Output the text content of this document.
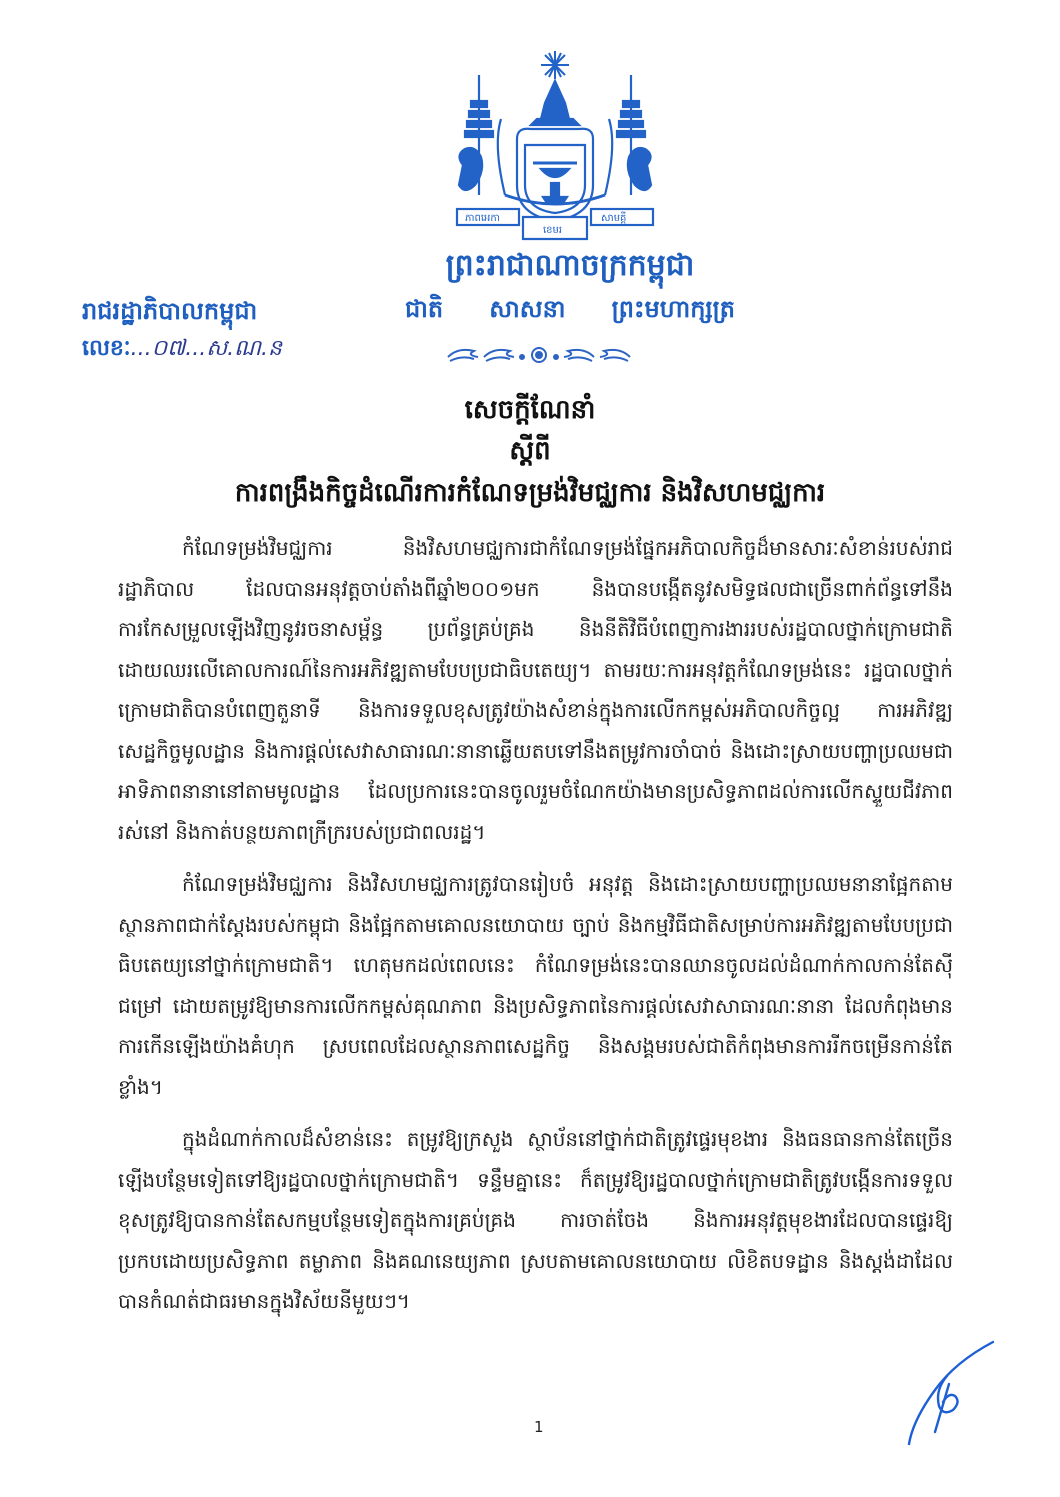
ភាពអេកា
ខេមរ
សាមគ្គី
ព្រះរាជាណាចក្រកម្ពុជា
ជាតិ សាសនា ព្រះមហាក្សត្រ
រាជរដ្ឋាភិបាលកម្ពុជា
លេខៈ...០៧...ស.ណ.ន
សេចក្ដីណែនាំ
ស្ដីពី
ការពង្រឹងកិច្ចដំណើរការកំណែទម្រង់វិមជ្ឈការ និងវិសហមជ្ឈការ

កំណែទម្រង់វិមជ្ឈការ និងវិសហមជ្ឈការជាកំណែទម្រង់ផ្នែកអភិបាលកិច្ចដ៏មានសារៈសំខាន់របស់រាជរដ្ឋាភិបាល ដែលបានអនុវត្តចាប់តាំងពីឆ្នាំ២០០១មក និងបានបង្កើតនូវសមិទ្ធផលជាច្រើនពាក់ព័ន្ធទៅនឹងការកែសម្រួលឡើងវិញនូវរចនាសម្ព័ន្ធ ប្រព័ន្ធគ្រប់គ្រង និងនីតិវិធីបំពេញការងាររបស់រដ្ឋបាលថ្នាក់ក្រោមជាតិ ដោយឈរលើគោលការណ៍នៃការអភិវឌ្ឍតាមបែបប្រជាធិបតេយ្យ។ តាមរយៈការអនុវត្តកំណែទម្រង់នេះ រដ្ឋបាលថ្នាក់ក្រោមជាតិបានបំពេញតួនាទី និងការទទួលខុសត្រូវយ៉ាងសំខាន់ក្នុងការលើកកម្ពស់អភិបាលកិច្ចល្អ ការអភិវឌ្ឍសេដ្ឋកិច្ចមូលដ្ឋាន និងការផ្ដល់សេវាសាធារណៈនានាឆ្លើយតបទៅនឹងតម្រូវការចាំបាច់ និងដោះស្រាយបញ្ហាប្រឈមជាអាទិភាពនានានៅតាមមូលដ្ឋាន ដែលប្រការនេះបានចូលរួមចំណែកយ៉ាងមានប្រសិទ្ធភាពដល់ការលើកស្ទួយជីវភាពរស់នៅ និងកាត់បន្ថយភាពក្រីក្ររបស់ប្រជាពលរដ្ឋ។

កំណែទម្រង់វិមជ្ឈការ និងវិសហមជ្ឈការត្រូវបានរៀបចំ អនុវត្ត និងដោះស្រាយបញ្ហាប្រឈមនានាផ្អែកតាមស្ថានភាពជាក់ស្ដែងរបស់កម្ពុជា និងផ្អែកតាមគោលនយោបាយ ច្បាប់ និងកម្មវិធីជាតិសម្រាប់ការអភិវឌ្ឍតាមបែបប្រជាធិបតេយ្យនៅថ្នាក់ក្រោមជាតិ។ ហេតុមកដល់ពេលនេះ កំណែទម្រង់នេះបានឈានចូលដល់ដំណាក់កាលកាន់តែស៊ីជម្រៅ ដោយតម្រូវឱ្យមានការលើកកម្ពស់គុណភាព និងប្រសិទ្ធភាពនៃការផ្ដល់សេវាសាធារណៈនានា ដែលកំពុងមានការកើនឡើងយ៉ាងគំហុក ស្របពេលដែលស្ថានភាពសេដ្ឋកិច្ច និងសង្គមរបស់ជាតិកំពុងមានការរីកចម្រើនកាន់តែខ្លាំង។

ក្នុងដំណាក់កាលដ៏សំខាន់នេះ តម្រូវឱ្យក្រសួង ស្ថាប័ននៅថ្នាក់ជាតិត្រូវផ្ទេរមុខងារ និងធនធានកាន់តែច្រើនឡើងបន្ថែមទៀតទៅឱ្យរដ្ឋបាលថ្នាក់ក្រោមជាតិ។ ទន្ទឹមគ្នានេះ ក៏តម្រូវឱ្យរដ្ឋបាលថ្នាក់ក្រោមជាតិត្រូវបង្កើនការទទួលខុសត្រូវឱ្យបានកាន់តែសកម្មបន្ថែមទៀតក្នុងការគ្រប់គ្រង ការចាត់ចែង និងការអនុវត្តមុខងារដែលបានផ្ទេរឱ្យ ប្រកបដោយប្រសិទ្ធភាព តម្លាភាព និងគណនេយ្យភាព ស្របតាមគោលនយោបាយ លិខិតបទដ្ឋាន និងស្តង់ដាដែលបានកំណត់ជាធរមានក្នុងវិស័យនីមួយៗ។

1
